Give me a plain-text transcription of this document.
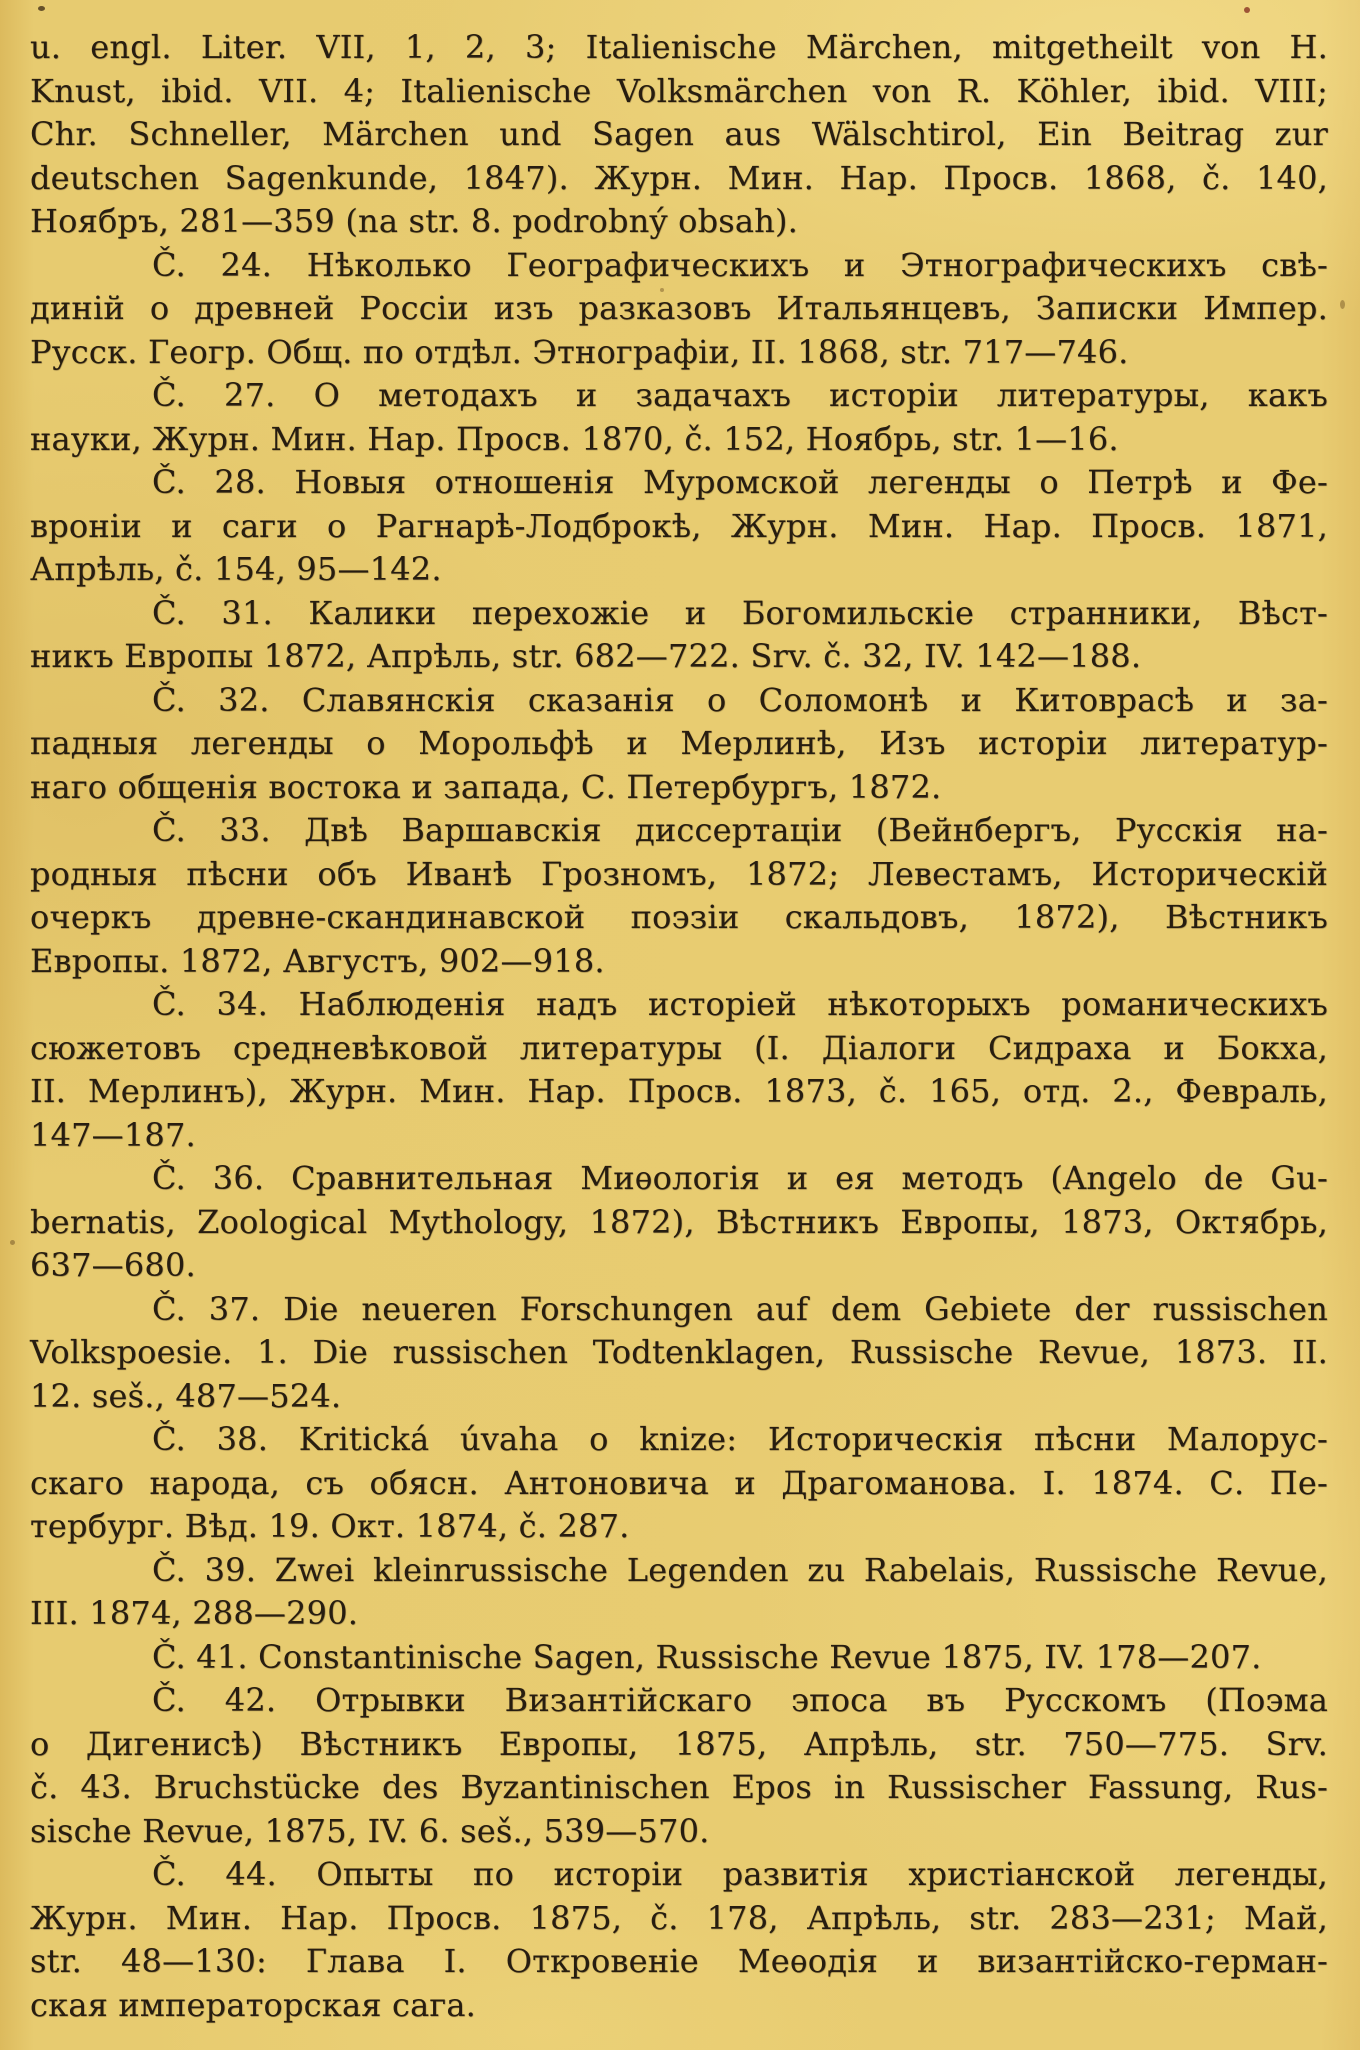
u. engl. Liter. VII, 1, 2, 3; Italienische Märchen, mitgetheilt von H.
Knust, ibid. VII. 4; Italienische Volksmärchen von R. Köhler, ibid. VIII;
Chr. Schneller, Märchen und Sagen aus Wälschtirol, Ein Beitrag zur
deutschen Sagenkunde, 1847). Журн. Мин. Нар. Просв. 1868, č. 140,
Ноябръ, 281—359 (na str. 8. podrobný obsah).
Č. 24. Нѣколько Географическихъ и Этнографическихъ свѣ-
диній о древней Россіи изъ разказовъ Итальянцевъ, Записки Импер.
Русск. Геогр. Общ. по отдѣл. Этнографіи, II. 1868, str. 717—746.
Č. 27. О методахъ и задачахъ исторіи литературы, какъ
науки, Журн. Мин. Нар. Просв. 1870, č. 152, Ноябрь, str. 1—16.
Č. 28. Новыя отношенія Муромской легенды о Петрѣ и Фе-
вроніи и саги о Рагнарѣ-Лодброкѣ, Журн. Мин. Нар. Просв. 1871,
Апрѣль, č. 154, 95—142.
Č. 31. Калики перехожіе и Богомильскіе странники, Вѣст-
никъ Европы 1872, Апрѣль, str. 682—722. Srv. č. 32, IV. 142—188.
Č. 32. Славянскія сказанія о Соломонѣ и Китоврасѣ и за-
падныя легенды о Морольфѣ и Мерлинѣ, Изъ исторіи литератур-
наго общенія востока и запада, С. Петербургъ, 1872.
Č. 33. Двѣ Варшавскія диссертаціи (Вейнбергъ, Русскія на-
родныя пѣсни объ Иванѣ Грозномъ, 1872; Левестамъ, Историческій
очеркъ древне-скандинавской поэзіи скальдовъ, 1872), Вѣстникъ
Европы. 1872, Августъ, 902—918.
Č. 34. Наблюденія надъ исторіей нѣкоторыхъ романическихъ
сюжетовъ средневѣковой литературы (I. Діалоги Сидраха и Бокха,
II. Мерлинъ), Журн. Мин. Нар. Просв. 1873, č. 165, отд. 2., Февраль,
147—187.
Č. 36. Сравнительная Миѳологія и ея методъ (Angelo de Gu-
bernatis, Zoological Mythology, 1872), Вѣстникъ Европы, 1873, Октябрь,
637—680.
Č. 37. Die neueren Forschungen auf dem Gebiete der russischen
Volkspoesie. 1. Die russischen Todtenklagen, Russische Revue, 1873. II.
12. seš., 487—524.
Č. 38. Kritická úvaha o knize: Историческія пѣсни Малорус-
скаго народа, съ обясн. Антоновича и Драгоманова. I. 1874. С. Пе-
тербург. Вѣд. 19. Окт. 1874, č. 287.
Č. 39. Zwei kleinrussische Legenden zu Rabelais, Russische Revue,
III. 1874, 288—290.
Č. 41. Constantinische Sagen, Russische Revue 1875, IV. 178—207.
Č. 42. Отрывки Византійскаго эпоса въ Русскомъ (Поэма
о Дигенисѣ) Вѣстникъ Европы, 1875, Апрѣль, str. 750—775. Srv.
č. 43. Bruchstücke des Byzantinischen Epos in Russischer Fassung, Rus-
sische Revue, 1875, IV. 6. seš., 539—570.
Č. 44. Опыты по исторіи развитія христіанской легенды,
Журн. Мин. Нар. Просв. 1875, č. 178, Апрѣль, str. 283—231; Май,
str. 48—130: Глава I. Откровеніе Меѳодія и византійско-герман-
ская императорская сага.
